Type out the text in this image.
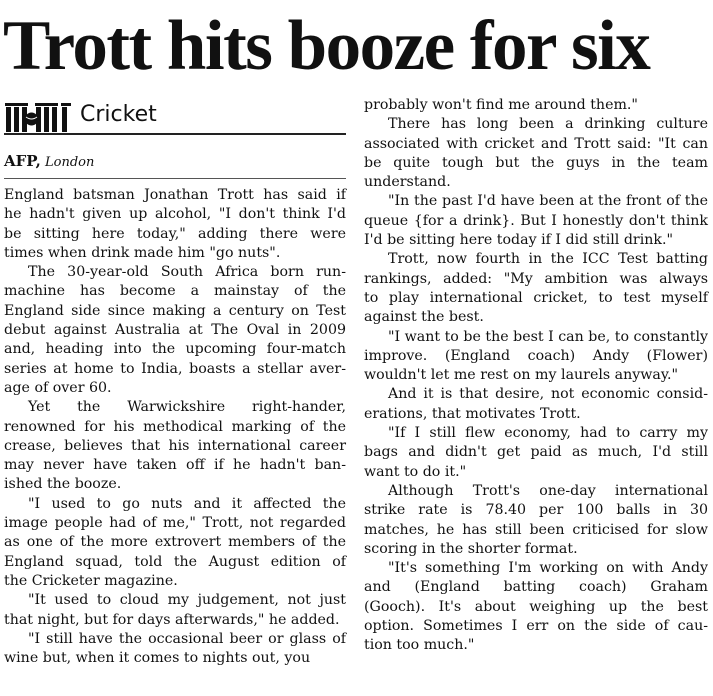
Trott hits booze for six
Cricket
AFP, London

England batsman Jonathan Trott has said if

he hadn't given up alcohol, "I don't think I'd

be sitting here today," adding there were

times when drink made him "go nuts".

The 30-year-old South Africa born run-

machine has become a mainstay of the

England side since making a century on Test

debut against Australia at The Oval in 2009

and, heading into the upcoming four-match

series at home to India, boasts a stellar aver-

age of over 60.

Yet the Warwickshire right-hander,

renowned for his methodical marking of the

crease, believes that his international career

may never have taken off if he hadn't ban-

ished the booze.

"I used to go nuts and it affected the

image people had of me," Trott, not regarded

as one of the more extrovert members of the

England squad, told the August edition of

the Cricketer magazine.

"It used to cloud my judgement, not just

that night, but for days afterwards," he added.

"I still have the occasional beer or glass of

wine but, when it comes to nights out, you

probably won't find me around them."

There has long been a drinking culture

associated with cricket and Trott said: "It can

be quite tough but the guys in the team

understand.

"In the past I'd have been at the front of the

queue {for a drink}. But I honestly don't think

I'd be sitting here today if I did still drink."

Trott, now fourth in the ICC Test batting

rankings, added: "My ambition was always

to play international cricket, to test myself

against the best.

"I want to be the best I can be, to constantly

improve. (England coach) Andy (Flower)

wouldn't let me rest on my laurels anyway."

And it is that desire, not economic consid-

erations, that motivates Trott.

"If I still flew economy, had to carry my

bags and didn't get paid as much, I'd still

want to do it."

Although Trott's one-day international

strike rate is 78.40 per 100 balls in 30

matches, he has still been criticised for slow

scoring in the shorter format.

"It's something I'm working on with Andy

and (England batting coach) Graham

(Gooch). It's about weighing up the best

option. Sometimes I err on the side of cau-

tion too much."
